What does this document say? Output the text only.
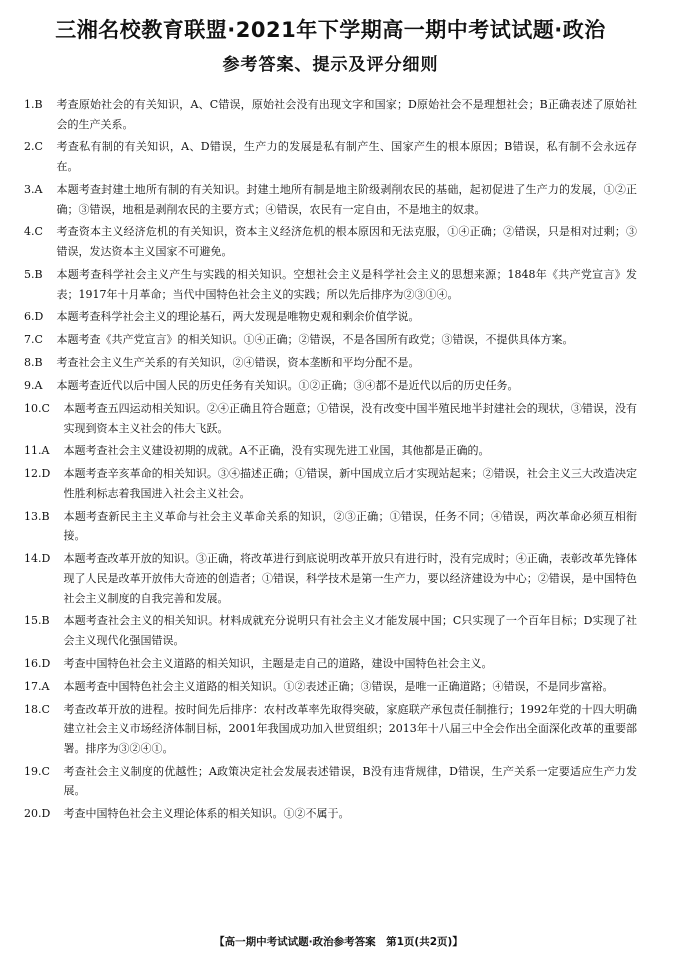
三湘名校教育联盟·2021年下学期高一期中考试试题·政治
参考答案、提示及评分细则
1. B	考查原始社会的有关知识，A、C错误，原始社会没有出现文字和国家；D原始社会不是理想社会；B正确表述了原始社会的生产关系。
2. C	考查私有制的有关知识，A、D错误，生产力的发展是私有制产生、国家产生的根本原因；B错误，私有制不会永远存在。
3. A	本题考查封建土地所有制的有关知识。封建土地所有制是地主阶级剥削农民的基础，起初促进了生产力的发展，①②正确；③错误，地租是剥削农民的主要方式；④错误，农民有一定自由，不是地主的奴隶。
4. C	考查资本主义经济危机的有关知识，资本主义经济危机的根本原因和无法克服，①④正确；②错误，只是相对过剩；③错误，发达资本主义国家不可避免。
5. B	本题考查科学社会主义产生与实践的相关知识。空想社会主义是科学社会主义的思想来源；1848年《共产党宣言》发表；1917年十月革命；当代中国特色社会主义的实践；所以先后排序为②③①④。
6. D	本题考查科学社会主义的理论基石，两大发现是唯物史观和剩余价值学说。
7. C	本题考查《共产党宣言》的相关知识。①④正确；②错误，不是各国所有政党；③错误，不提供具体方案。
8. B	考查社会主义生产关系的有关知识，②④错误，资本垄断和平均分配不是。
9. A	本题考查近代以后中国人民的历史任务有关知识。①②正确；③④都不是近代以后的历史任务。
10. C	本题考查五四运动相关知识。②④正确且符合题意；①错误，没有改变中国半殖民地半封建社会的现状，③错误，没有实现到资本主义社会的伟大飞跃。
11. A	本题考查社会主义建设初期的成就。A不正确，没有实现先进工业国，其他都是正确的。
12. D	本题考查辛亥革命的相关知识。③④描述正确；①错误，新中国成立后才实现站起来；②错误，社会主义三大改造决定性胜利标志着我国进入社会主义社会。
13. B	本题考查新民主主义革命与社会主义革命关系的知识，②③正确；①错误，任务不同；④错误，两次革命必须互相衔接。
14. D	本题考查改革开放的知识。③正确，将改革进行到底说明改革开放只有进行时，没有完成时；④正确，表彰改革先锋体现了人民是改革开放伟大奇迹的创造者；①错误，科学技术是第一生产力，要以经济建设为中心；②错误，是中国特色社会主义制度的自我完善和发展。
15. B	本题考查社会主义的相关知识。材料成就充分说明只有社会主义才能发展中国；C只实现了一个百年目标；D实现了社会主义现代化强国错误。
16. D	考查中国特色社会主义道路的相关知识，主题是走自己的道路，建设中国特色社会主义。
17. A	本题考查中国特色社会主义道路的相关知识。①②表述正确；③错误，是唯一正确道路；④错误，不是同步富裕。
18. C	考查改革开放的进程。按时间先后排序：农村改革率先取得突破，家庭联产承包责任制推行；1992年党的十四大明确建立社会主义市场经济体制目标，2001年我国成功加入世贸组织；2013年十八届三中全会作出全面深化改革的重要部署。排序为③②④①。
19. C	考查社会主义制度的优越性；A政策决定社会发展表述错误，B没有违背规律，D错误，生产关系一定要适应生产力发展。
20. D	考查中国特色社会主义理论体系的相关知识。①②不属于。
【高一期中考试试题·政治参考答案　第1页(共2页)】
